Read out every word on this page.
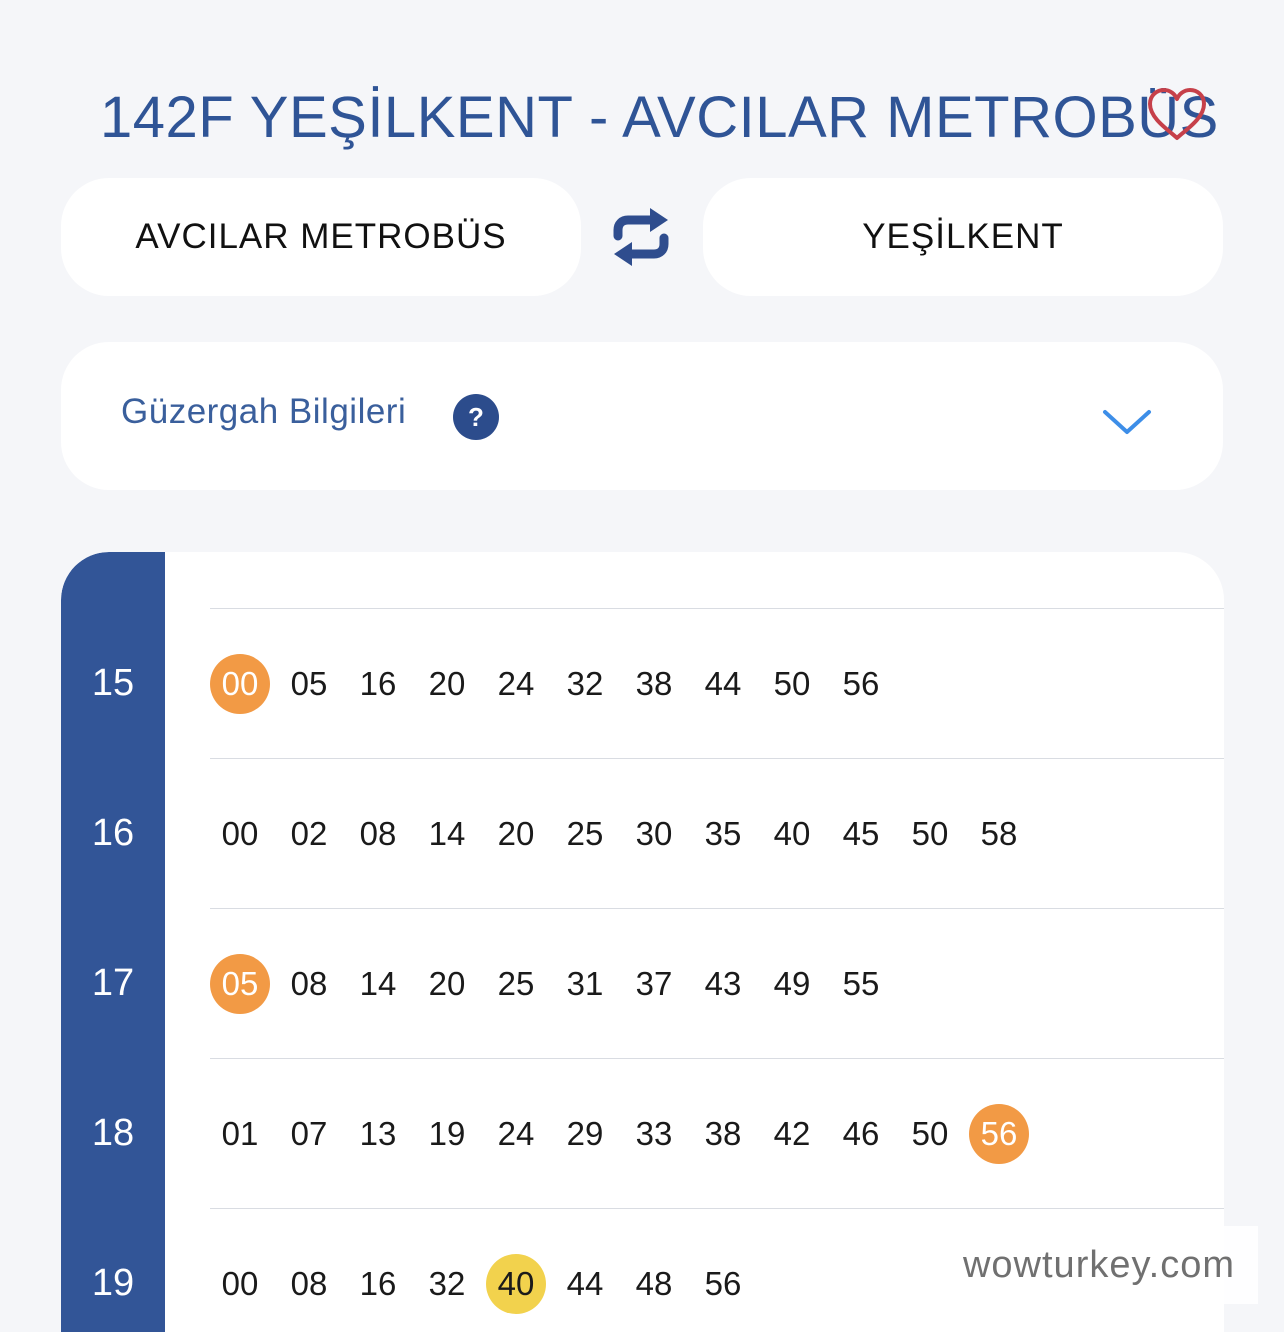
142F YEŞİLKENT - AVCILAR METROBÜS
AVCILAR METROBÜS	YEŞİLKENT
Güzergah Bilgileri	?
15	00 05 16 20 24 32 38 44 50 56
16	00 02 08 14 20 25 30 35 40 45 50 58
17	05 08 14 20 25 31 37 43 49 55
18	01 07 13 19 24 29 33 38 42 46 50 56
19	00 08 16 32 40 44 48 56	wowturkey.com
